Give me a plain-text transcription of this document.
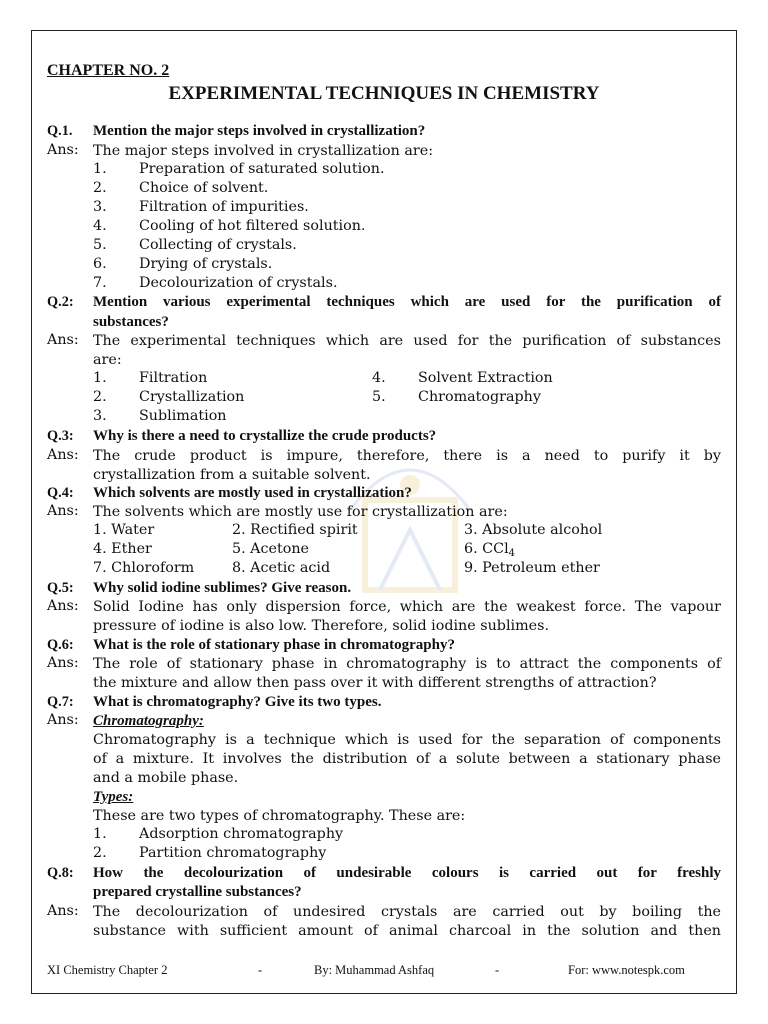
CHAPTER NO. 2
EXPERIMENTAL TECHNIQUES IN CHEMISTRY
Q.1. Mention the major steps involved in crystallization?
Ans: The major steps involved in crystallization are:
1. Preparation of saturated solution.
2. Choice of solvent.
3. Filtration of impurities.
4. Cooling of hot filtered solution.
5. Collecting of crystals.
6. Drying of crystals.
7. Decolourization of crystals.
Q.2: Mention various experimental techniques which are used for the purification of
substances?
Ans: The experimental techniques which are used for the purification of substances
are:
1. Filtration
2. Crystallization
3. Sublimation
4. Solvent Extraction
5. Chromatography
Q.3: Why is there a need to crystallize the crude products?
Ans: The crude product is impure, therefore, there is a need to purify it by
crystallization from a suitable solvent.
Q.4: Which solvents are mostly used in crystallization?
Ans: The solvents which are mostly use for crystallization are:
1. Water	2. Rectified spirit	3. Absolute alcohol
4. Ether	5. Acetone	6. CCl$_4$
7. Chloroform	8. Acetic acid	9. Petroleum ether
Q.5: Why solid iodine sublimes? Give reason.
Ans: Solid Iodine has only dispersion force, which are the weakest force. The vapour
pressure of iodine is also low. Therefore, solid iodine sublimes.
Q.6: What is the role of stationary phase in chromatography?
Ans: The role of stationary phase in chromatography is to attract the components of
the mixture and allow then pass over it with different strengths of attraction?
Q.7: What is chromatography? Give its two types.
Ans: Chromatography:
Chromatography is a technique which is used for the separation of components
of a mixture. It involves the distribution of a solute between a stationary phase
and a mobile phase.
Types:
These are two types of chromatography. These are:
1. Adsorption chromatography
2. Partition chromatography
Q.8: How the decolourization of undesirable colours is carried out for freshly
prepared crystalline substances?
Ans: The decolourization of undesired crystals are carried out by boiling the
substance with sufficient amount of animal charcoal in the solution and then
XI Chemistry Chapter 2	-	By: Muhammad Ashfaq	-	For: www.notespk.com
